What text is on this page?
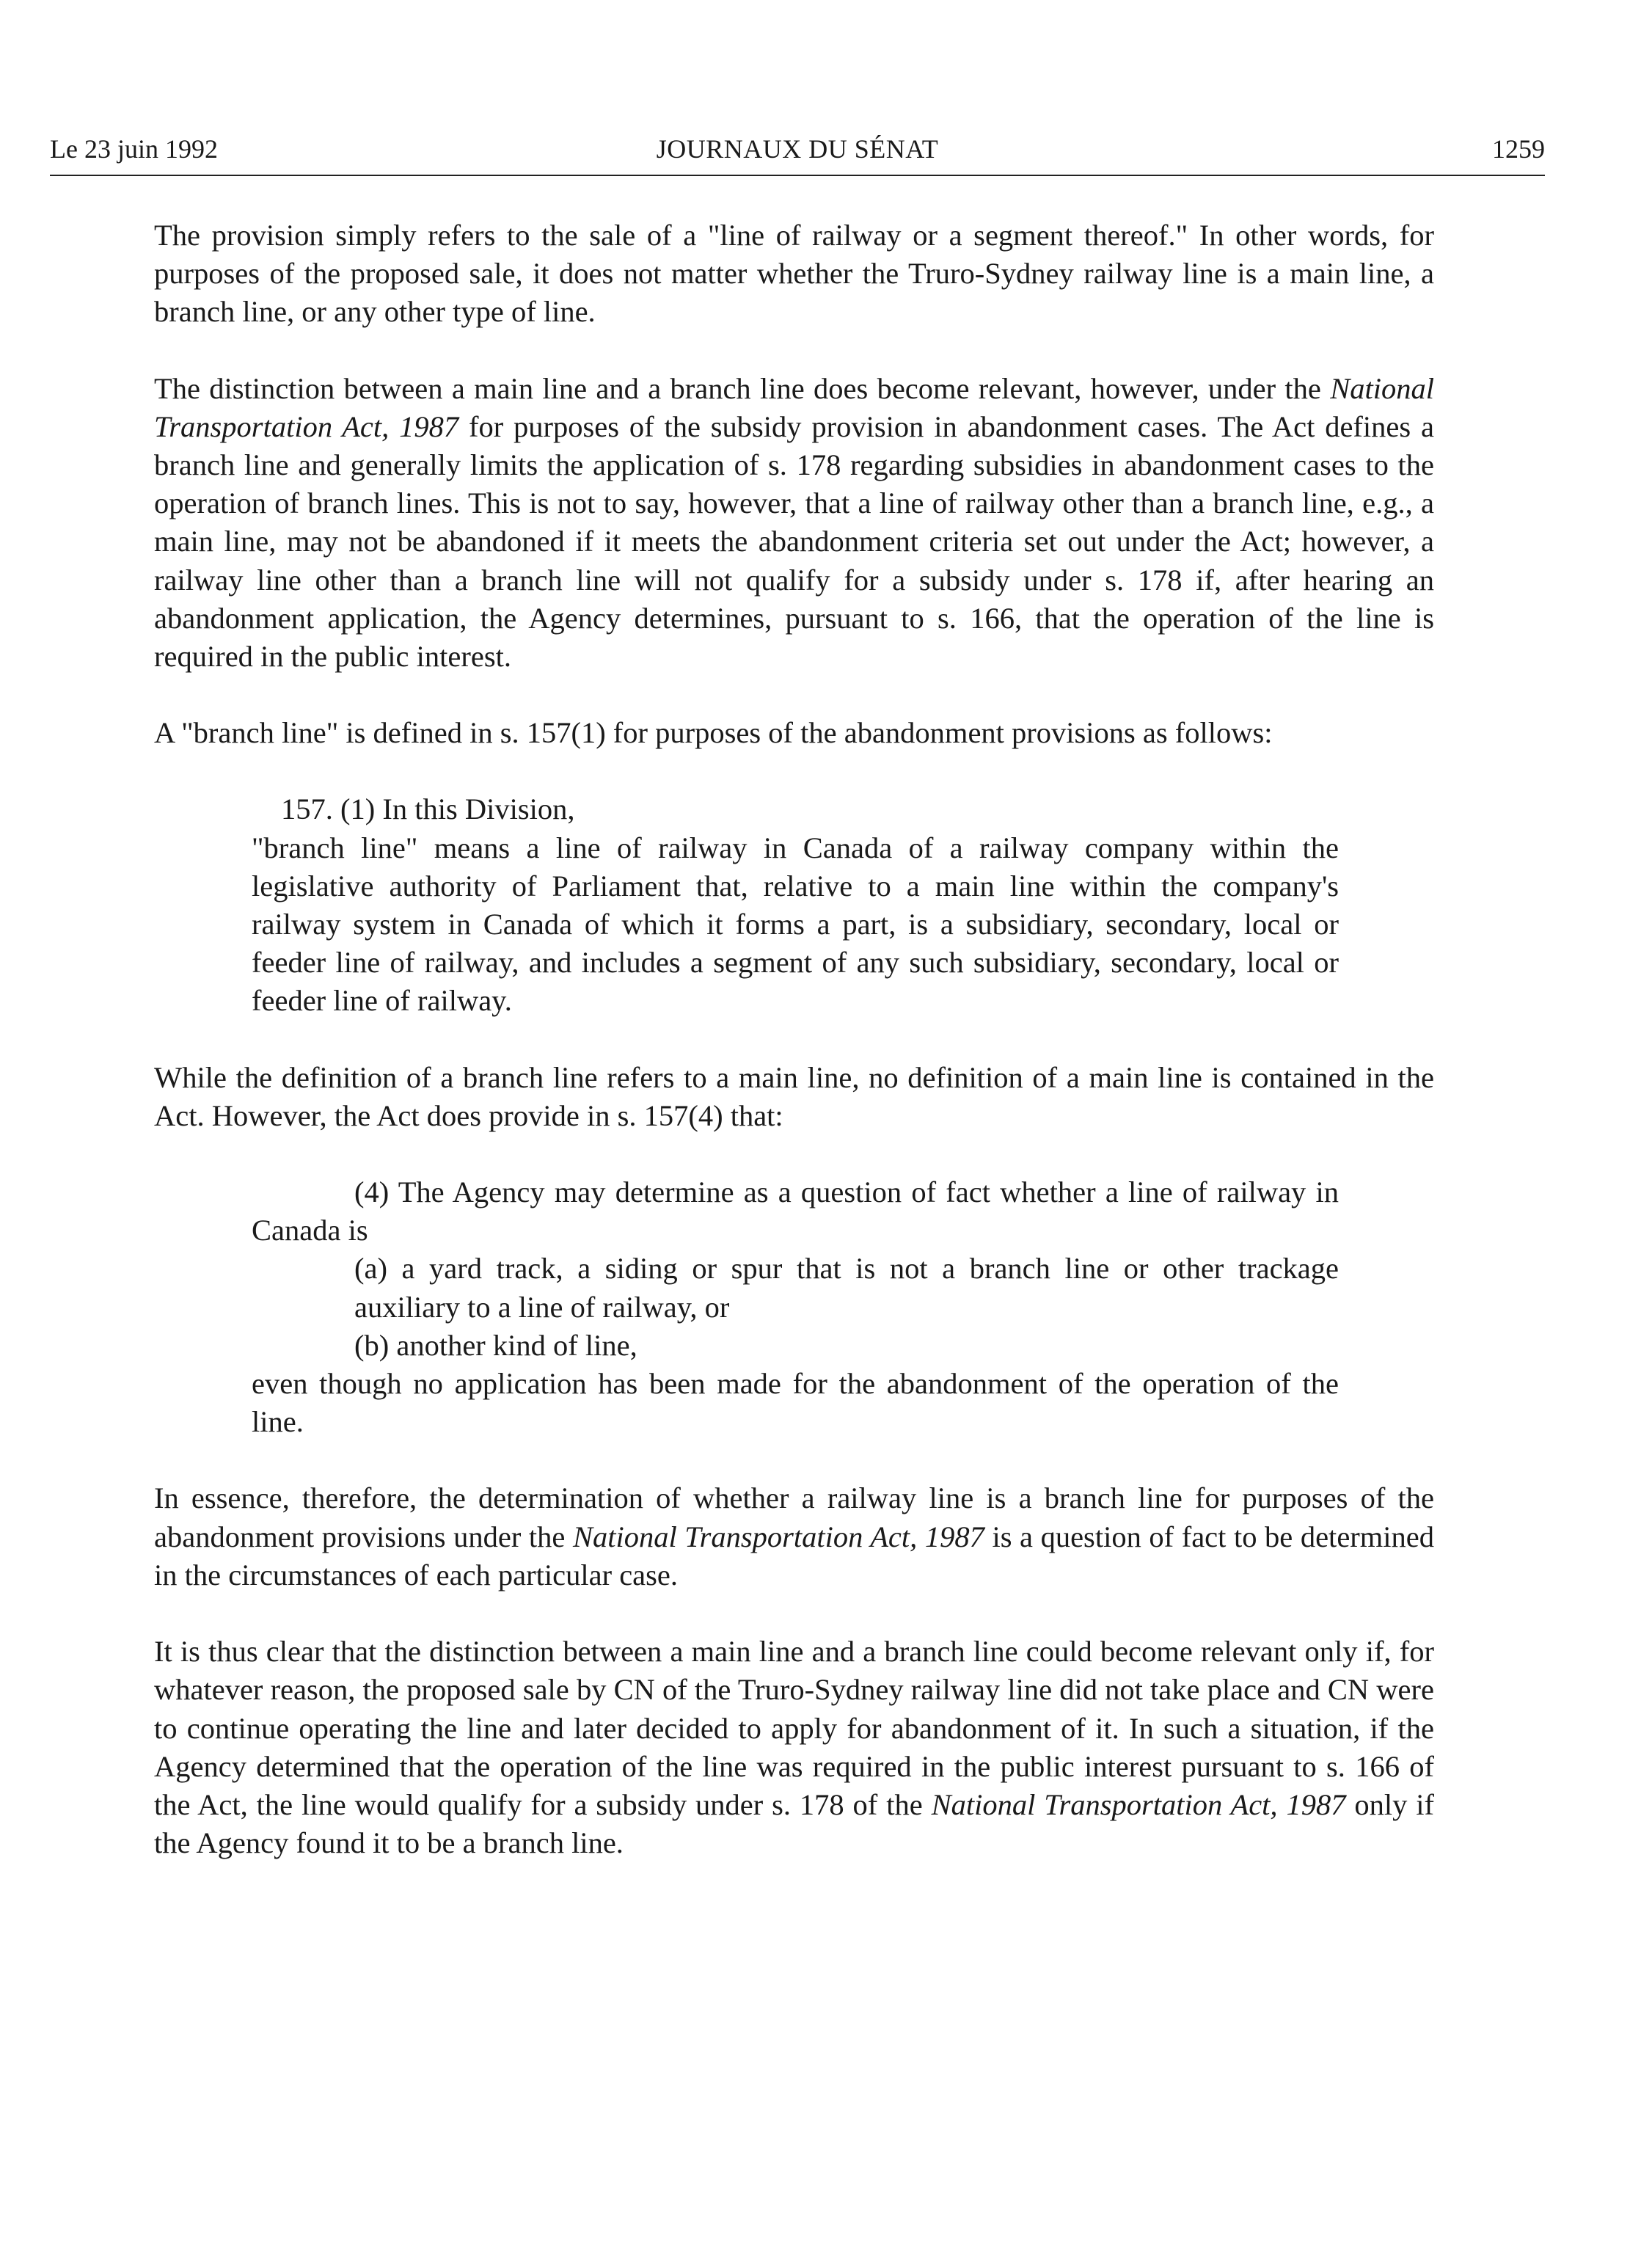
Le 23 juin 1992	JOURNAUX DU SÉNAT	1259

The provision simply refers to the sale of a "line of railway or a segment thereof." In other words, for purposes of the proposed sale, it does not matter whether the Truro-Sydney railway line is a main line, a branch line, or any other type of line.

The distinction between a main line and a branch line does become relevant, however, under the National Transportation Act, 1987 for purposes of the subsidy provision in abandonment cases. The Act defines a branch line and generally limits the application of s. 178 regarding subsidies in abandonment cases to the operation of branch lines. This is not to say, however, that a line of railway other than a branch line, e.g., a main line, may not be abandoned if it meets the abandonment criteria set out under the Act; however, a railway line other than a branch line will not qualify for a subsidy under s. 178 if, after hearing an abandonment application, the Agency determines, pursuant to s. 166, that the operation of the line is required in the public interest.

A "branch line" is defined in s. 157(1) for purposes of the abandonment provisions as follows:

157. (1) In this Division,
"branch line" means a line of railway in Canada of a railway company within the legislative authority of Parliament that, relative to a main line within the company's railway system in Canada of which it forms a part, is a subsidiary, secondary, local or feeder line of railway, and includes a segment of any such subsidiary, secondary, local or feeder line of railway.

While the definition of a branch line refers to a main line, no definition of a main line is contained in the Act. However, the Act does provide in s. 157(4) that:

(4) The Agency may determine as a question of fact whether a line of railway in Canada is
(a) a yard track, a siding or spur that is not a branch line or other trackage auxiliary to a line of railway, or
(b) another kind of line,
even though no application has been made for the abandonment of the operation of the line.

In essence, therefore, the determination of whether a railway line is a branch line for purposes of the abandonment provisions under the National Transportation Act, 1987 is a question of fact to be determined in the circumstances of each particular case.

It is thus clear that the distinction between a main line and a branch line could become relevant only if, for whatever reason, the proposed sale by CN of the Truro-Sydney railway line did not take place and CN were to continue operating the line and later decided to apply for abandonment of it. In such a situation, if the Agency determined that the operation of the line was required in the public interest pursuant to s. 166 of the Act, the line would qualify for a subsidy under s. 178 of the National Transportation Act, 1987 only if the Agency found it to be a branch line.
